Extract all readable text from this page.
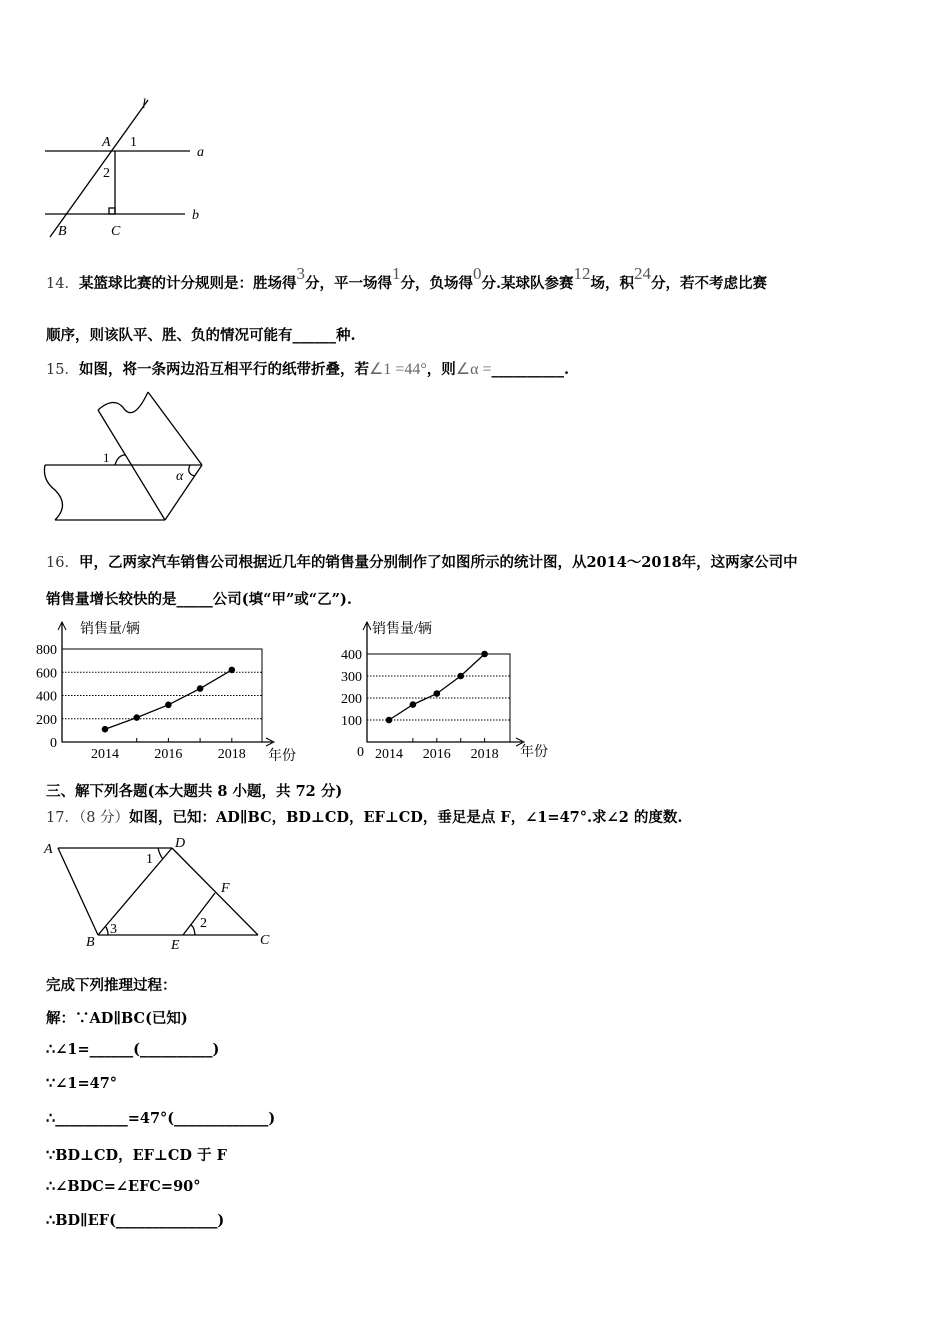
l
A 1
2
a
b
B	C
1
α
销售量/辆
年份
0
200
400
600
800
2014	2016	2018
销售量/辆
年份
0
100
200
300
400
2014 2016 2018
A	D
1
F
2
B
3
E	C
14．某篮球比赛的计分规则是：胜场得3分，平一场得1分，负场得0分.某球队参赛12场，积24分，若不考虑比赛
顺序，则该队平、胜、负的情况可能有______种.
15．如图，将一条两边沿互相平行的纸带折叠，若∠1 =44°，则∠α =__________.
16．甲，乙两家汽车销售公司根据近几年的销售量分别制作了如图所示的统计图，从2014～2018年，这两家公司中
销售量增长较快的是_____公司(填“甲”或“乙”).
三、解下列各题(本大题共 8 小题，共 72 分)
17．（8 分）如图，已知：AD∥BC，BD⊥CD，EF⊥CD，垂足是点 F，∠1=47°.求∠2 的度数.
完成下列推理过程：
解：∵AD∥BC(已知)
∴∠1=______(__________)
∵∠1=47°
∴__________=47°(_____________)
∵BD⊥CD，EF⊥CD 于 F
∴∠BDC=∠EFC=90°
∴BD∥EF(______________)
